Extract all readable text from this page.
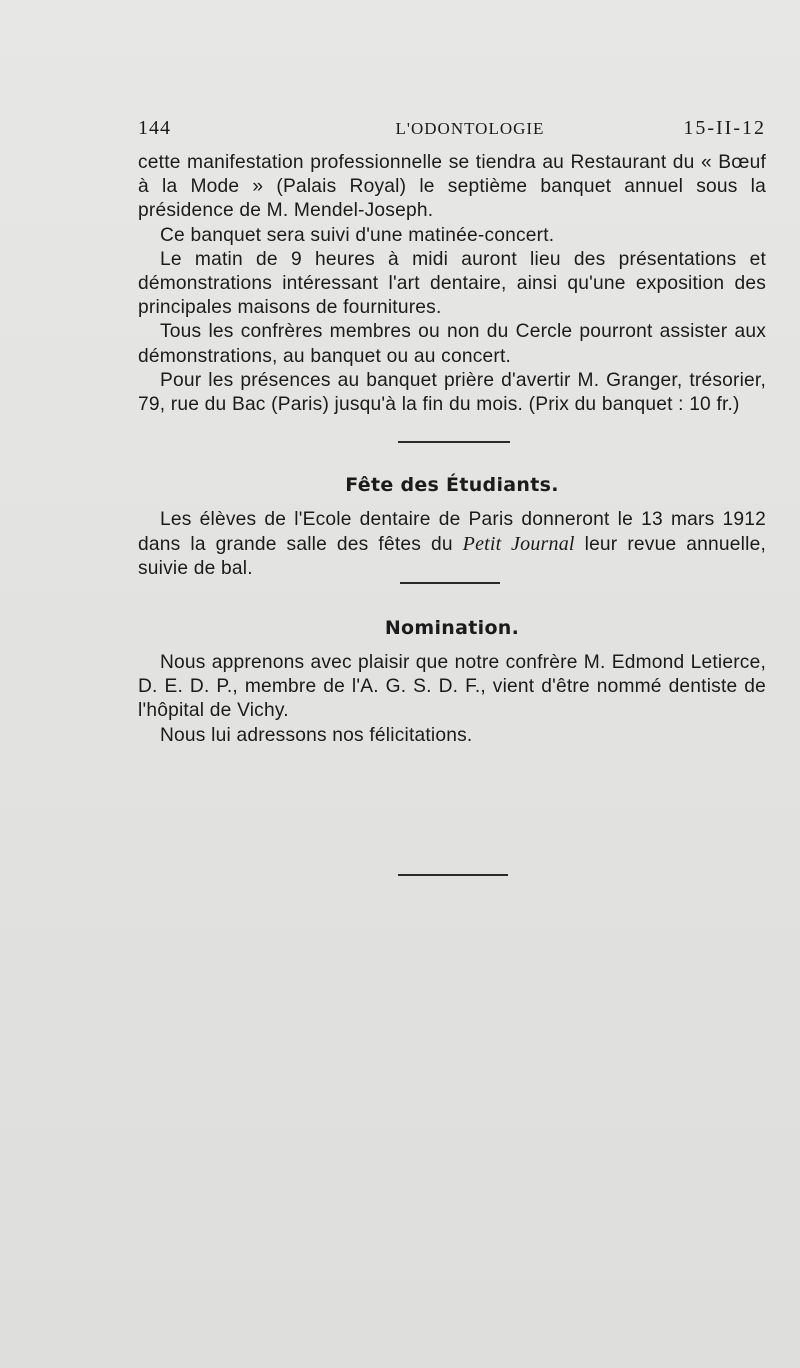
144	L'ODONTOLOGIE	15-II-12

cette manifestation professionnelle se tiendra au Restaurant du « Bœuf à la Mode » (Palais Royal) le septième banquet annuel sous la présidence de M. Mendel-Joseph.

Ce banquet sera suivi d'une matinée-concert.

Le matin de 9 heures à midi auront lieu des présentations et démonstrations intéressant l'art dentaire, ainsi qu'une exposition des principales maisons de fournitures.

Tous les confrères membres ou non du Cercle pourront assister aux démonstrations, au banquet ou au concert.

Pour les présences au banquet prière d'avertir M. Granger, trésorier, 79, rue du Bac (Paris) jusqu'à la fin du mois. (Prix du banquet : 10 fr.)

Fête des Étudiants.

Les élèves de l'Ecole dentaire de Paris donneront le 13 mars 1912 dans la grande salle des fêtes du Petit Journal leur revue annuelle, suivie de bal.

Nomination.

Nous apprenons avec plaisir que notre confrère M. Edmond Letierce, D. E. D. P., membre de l'A. G. S. D. F., vient d'être nommé dentiste de l'hôpital de Vichy.

Nous lui adressons nos félicitations.
